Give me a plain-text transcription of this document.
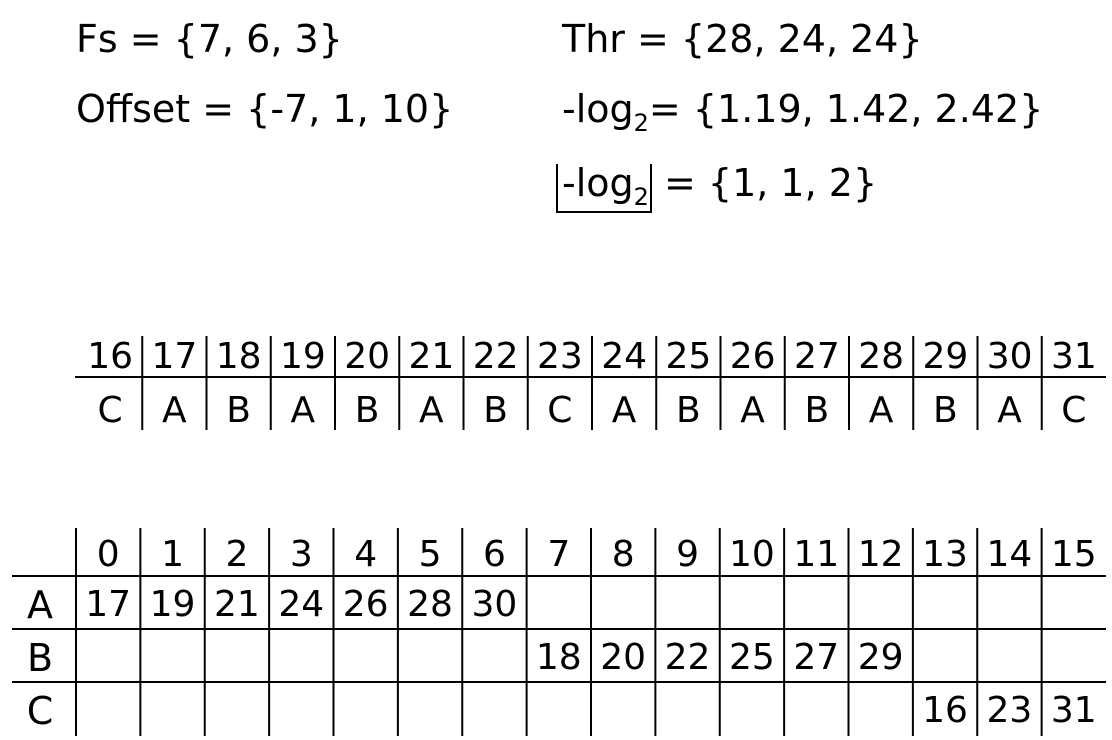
Fs = {7, 6, 3}
Offset = {-7, 1, 10}
Thr = {28, 24, 24}
$-\log_2= \{1.19$, 1.42, 2.42}
$-\log_2 = \{1$, 1, 2}
16 17 18 19 20 21 22 23 24 25 26 27 28 29 30 31
C A B A B A B C A B A B A B A C
0 1 2 3 4 5 6 7 8 9 10 11 12 13 14 15
A 17 19 21 24 26 28 30
B	18 20 22 25 27 29
C	16 23 31
